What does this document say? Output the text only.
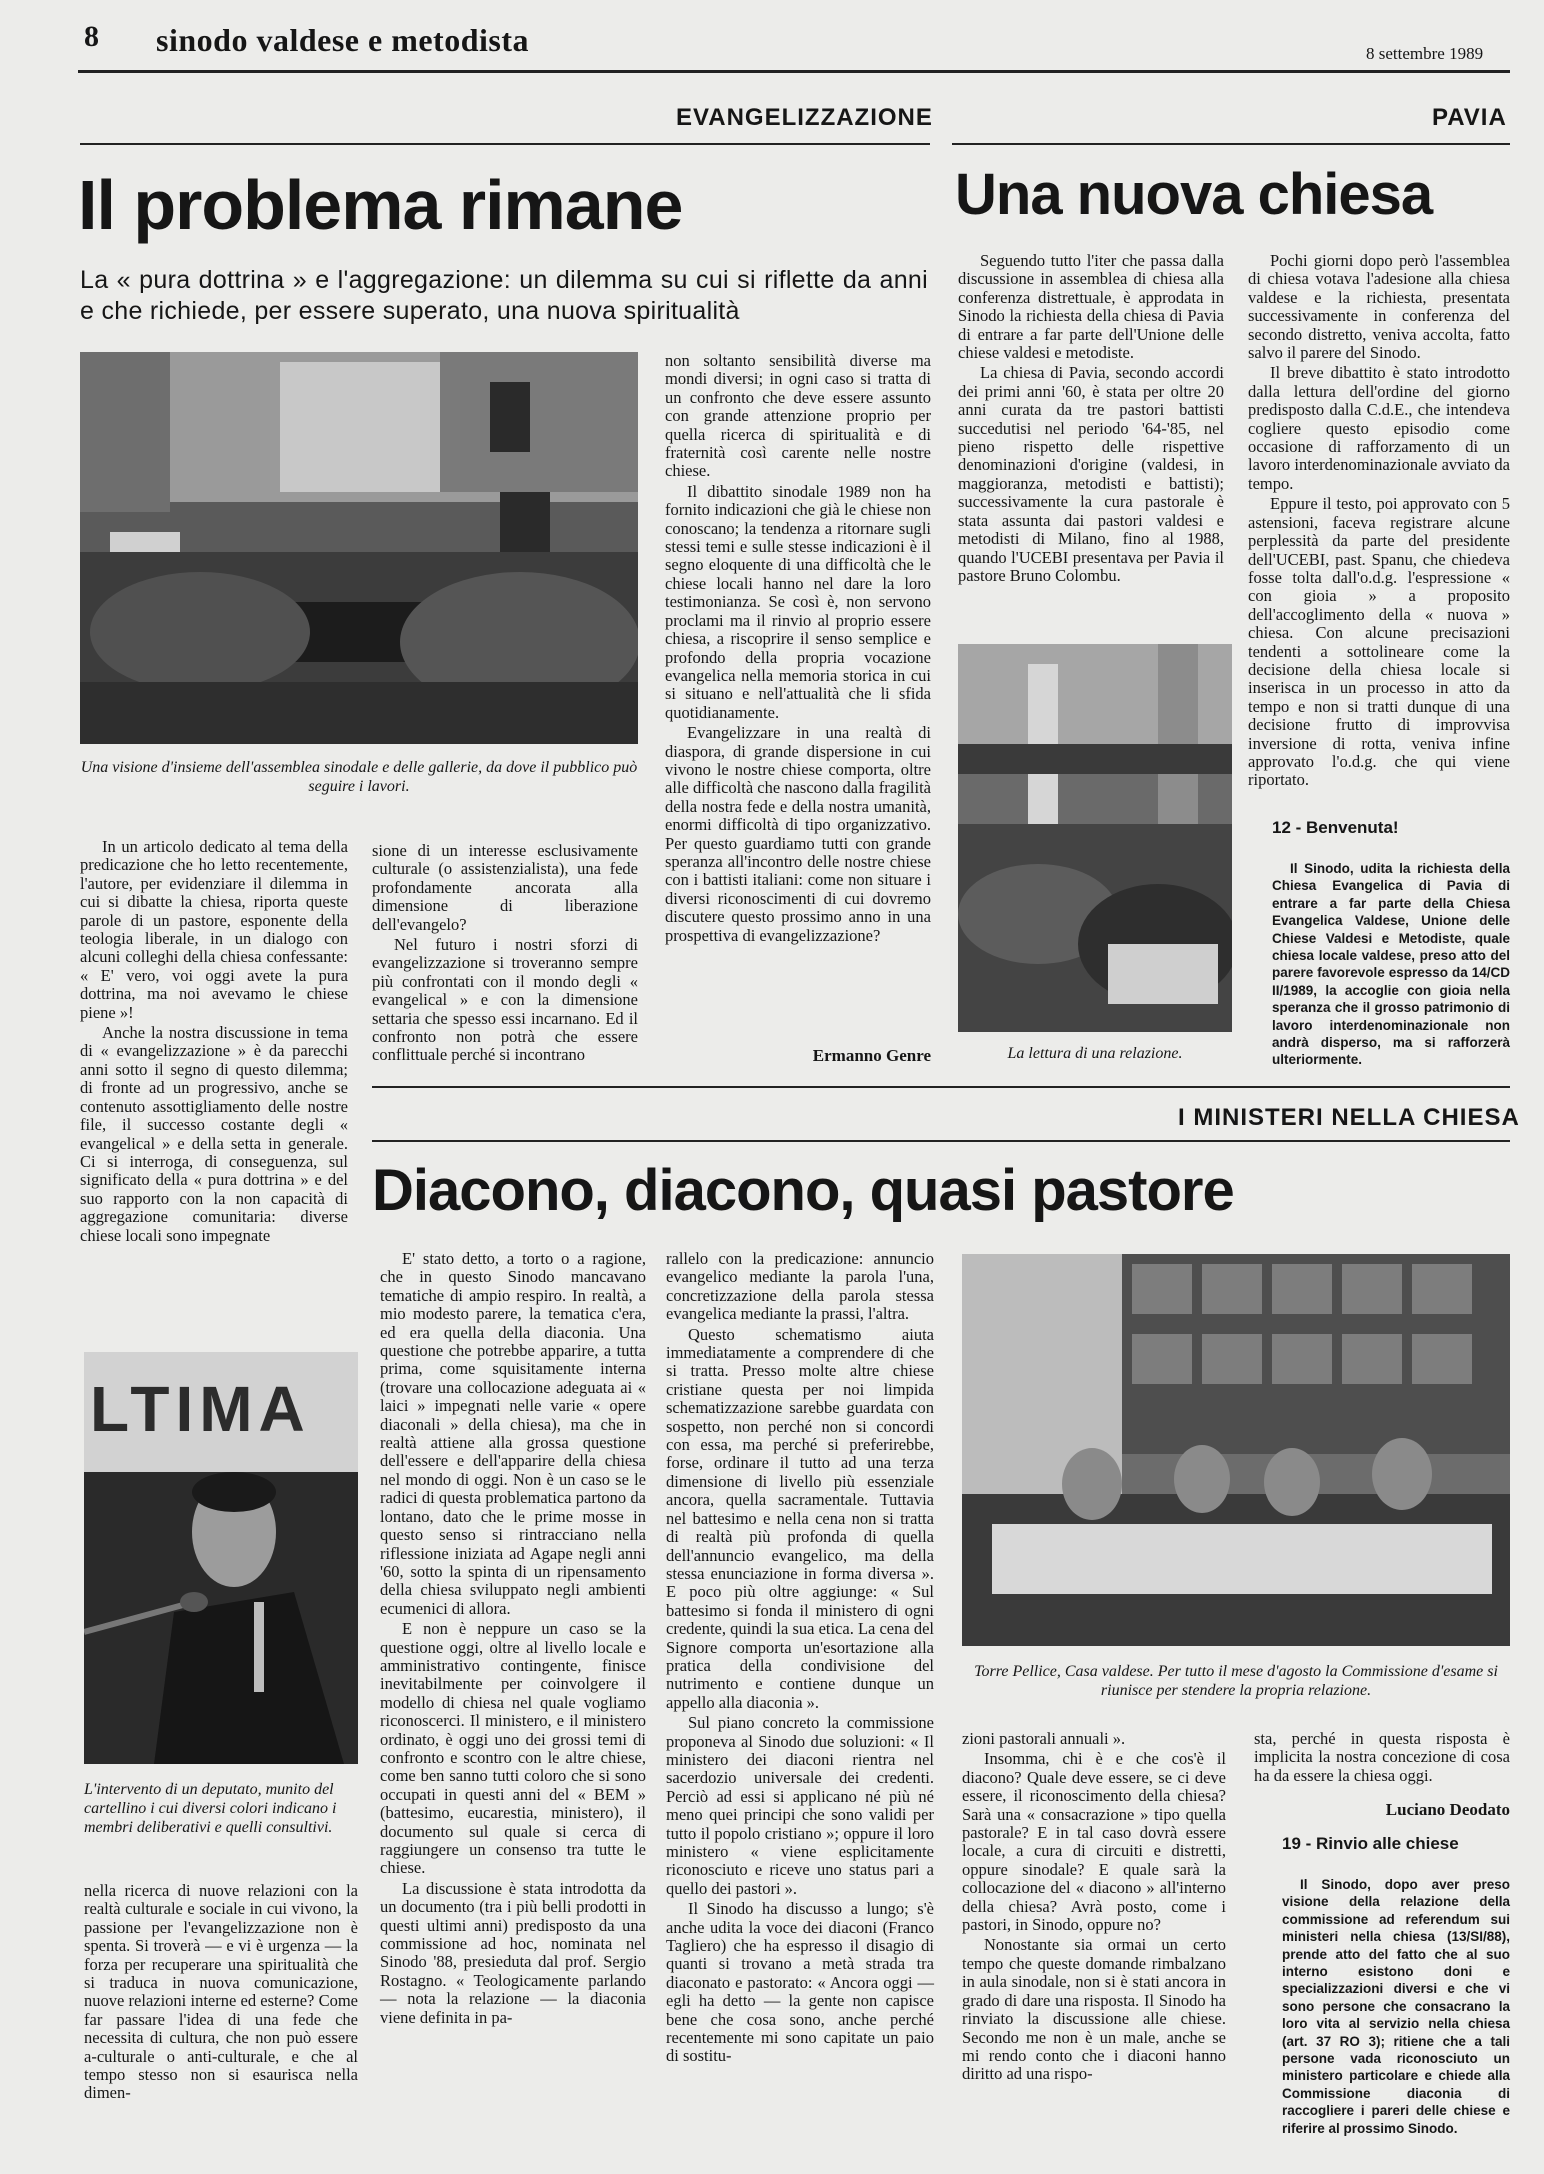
8 sinodo valdese e metodista	8 settembre 1989
EVANGELIZZAZIONE
Il problema rimane
La « pura dottrina » e l'aggregazione: un dilemma su cui si riflette da anni e che richiede, per essere superato, una nuova spiritualità
Una visione d'insieme dell'assemblea sinodale e delle gallerie, da dove il pubblico può seguire i lavori.

In un articolo dedicato al tema della predicazione che ho letto recentemente, l'autore, per evidenziare il dilemma in cui si dibatte la chiesa, riporta queste parole di un pastore, esponente della teologia liberale, in un dialogo con alcuni colleghi della chiesa confessante: « E' vero, voi oggi avete la pura dottrina, ma noi avevamo le chiese piene »!

Anche la nostra discussione in tema di « evangelizzazione » è da parecchi anni sotto il segno di questo dilemma; di fronte ad un progressivo, anche se contenuto assottigliamento delle nostre file, il successo costante degli « evangelical » e della setta in generale. Ci si interroga, di conseguenza, sul significato della « pura dottrina » e del suo rapporto con la non capacità di aggregazione comunitaria: diverse chiese locali sono impegnate

sione di un interesse esclusivamente culturale (o assistenzialista), una fede profondamente ancorata alla dimensione di liberazione dell'evangelo?

Nel futuro i nostri sforzi di evangelizzazione si troveranno sempre più confrontati con il mondo degli « evangelical » e con la dimensione settaria che spesso essi incarnano. Ed il confronto non potrà che essere conflittuale perché si incontrano

non soltanto sensibilità diverse ma mondi diversi; in ogni caso si tratta di un confronto che deve essere assunto con grande attenzione proprio per quella ricerca di spiritualità e di fraternità così carente nelle nostre chiese.

Il dibattito sinodale 1989 non ha fornito indicazioni che già le chiese non conoscano; la tendenza a ritornare sugli stessi temi e sulle stesse indicazioni è il segno eloquente di una difficoltà che le chiese locali hanno nel dare la loro testimonianza. Se così è, non servono proclami ma il rinvio al proprio essere chiesa, a riscoprire il senso semplice e profondo della propria vocazione evangelica nella memoria storica in cui si situano e nell'attualità che li sfida quotidianamente.

Evangelizzare in una realtà di diaspora, di grande dispersione in cui vivono le nostre chiese comporta, oltre alle difficoltà che nascono dalla fragilità della nostra fede e della nostra umanità, enormi difficoltà di tipo organizzativo. Per questo guardiamo tutti con grande speranza all'incontro delle nostre chiese con i battisti italiani: come non situare i diversi riconoscimenti di cui dovremo discutere questo prossimo anno in una prospettiva di evangelizzazione?

Ermanno Genre
PAVIA
Una nuova chiesa

Seguendo tutto l'iter che passa dalla discussione in assemblea di chiesa alla conferenza distrettuale, è approdata in Sinodo la richiesta della chiesa di Pavia di entrare a far parte dell'Unione delle chiese valdesi e metodiste.

La chiesa di Pavia, secondo accordi dei primi anni '60, è stata per oltre 20 anni curata da tre pastori battisti succedutisi nel periodo '64-'85, nel pieno rispetto delle rispettive denominazioni d'origine (valdesi, in maggioranza, metodisti e battisti); successivamente la cura pastorale è stata assunta dai pastori valdesi e metodisti di Milano, fino al 1988, quando l'UCEBI presentava per Pavia il pastore Bruno Colombu.

La lettura di una relazione.

Pochi giorni dopo però l'assemblea di chiesa votava l'adesione alla chiesa valdese e la richiesta, presentata successivamente in conferenza del secondo distretto, veniva accolta, fatto salvo il parere del Sinodo.

Il breve dibattito è stato introdotto dalla lettura dell'ordine del giorno predisposto dalla C.d.E., che intendeva cogliere questo episodio come occasione di rafforzamento di un lavoro interdenominazionale avviato da tempo.

Eppure il testo, poi approvato con 5 astensioni, faceva registrare alcune perplessità da parte del presidente dell'UCEBI, past. Spanu, che chiedeva fosse tolta dall'o.d.g. l'espressione « con gioia » a proposito dell'accoglimento della « nuova » chiesa. Con alcune precisazioni tendenti a sottolineare come la decisione della chiesa locale si inserisca in un processo in atto da tempo e non si tratti dunque di una decisione frutto di improvvisa inversione di rotta, veniva infine approvato l'o.d.g. che qui viene riportato.

12 - Benvenuta!

Il Sinodo, udita la richiesta della Chiesa Evangelica di Pavia di entrare a far parte della Chiesa Evangelica Valdese, Unione delle Chiese Valdesi e Metodiste, quale chiesa locale valdese, preso atto del parere favorevole espresso da 14/CD II/1989, la accoglie con gioia nella speranza che il grosso patrimonio di lavoro interdenominazionale non andrà disperso, ma si rafforzerà ulteriormente.

I MINISTERI NELLA CHIESA
Diacono, diacono, quasi pastore
LTIMA
L'intervento di un deputato, munito del cartellino i cui diversi colori indicano i membri deliberativi e quelli consultivi.

nella ricerca di nuove relazioni con la realtà culturale e sociale in cui vivono, la passione per l'evangelizzazione non è spenta. Si troverà — e vi è urgenza — la forza per recuperare una spiritualità che si traduca in nuova comunicazione, nuove relazioni interne ed esterne? Come far passare l'idea di una fede che necessita di cultura, che non può essere a-culturale o anti-culturale, e che al tempo stesso non si esaurisca nella dimen-

E' stato detto, a torto o a ragione, che in questo Sinodo mancavano tematiche di ampio respiro. In realtà, a mio modesto parere, la tematica c'era, ed era quella della diaconia. Una questione che potrebbe apparire, a tutta prima, come squisitamente interna (trovare una collocazione adeguata ai « laici » impegnati nelle varie « opere diaconali » della chiesa), ma che in realtà attiene alla grossa questione dell'essere e dell'apparire della chiesa nel mondo di oggi. Non è un caso se le radici di questa problematica partono da lontano, dato che le prime mosse in questo senso si rintracciano nella riflessione iniziata ad Agape negli anni '60, sotto la spinta di un ripensamento della chiesa sviluppato negli ambienti ecumenici di allora.

E non è neppure un caso se la questione oggi, oltre al livello locale e amministrativo contingente, finisce inevitabilmente per coinvolgere il modello di chiesa nel quale vogliamo riconoscerci. Il ministero, e il ministero ordinato, è oggi uno dei grossi temi di confronto e scontro con le altre chiese, come ben sanno tutti coloro che si sono occupati in questi anni del « BEM » (battesimo, eucarestia, ministero), il documento sul quale si cerca di raggiungere un consenso tra tutte le chiese.

La discussione è stata introdotta da un documento (tra i più belli prodotti in questi ultimi anni) predisposto da una commissione ad hoc, nominata nel Sinodo '88, presieduta dal prof. Sergio Rostagno. « Teologicamente parlando — nota la relazione — la diaconia viene definita in pa-

rallelo con la predicazione: annuncio evangelico mediante la parola l'una, concretizzazione della parola stessa evangelica mediante la prassi, l'altra.

Questo schematismo aiuta immediatamente a comprendere di che si tratta. Presso molte altre chiese cristiane questa per noi limpida schematizzazione sarebbe guardata con sospetto, non perché non si concordi con essa, ma perché si preferirebbe, forse, ordinare il tutto ad una terza dimensione di livello più essenziale ancora, quella sacramentale. Tuttavia nel battesimo e nella cena non si tratta di realtà più profonda di quella dell'annuncio evangelico, ma della stessa enunciazione in forma diversa ». E poco più oltre aggiunge: « Sul battesimo si fonda il ministero di ogni credente, quindi la sua etica. La cena del Signore comporta un'esortazione alla pratica della condivisione del nutrimento e contiene dunque un appello alla diaconia ».

Sul piano concreto la commissione proponeva al Sinodo due soluzioni: « Il ministero dei diaconi rientra nel sacerdozio universale dei credenti. Perciò ad essi si applicano né più né meno quei principi che sono validi per tutto il popolo cristiano »; oppure il loro ministero « viene esplicitamente riconosciuto e riceve uno status pari a quello dei pastori ».

Il Sinodo ha discusso a lungo; s'è anche udita la voce dei diaconi (Franco Tagliero) che ha espresso il disagio di quanti si trovano a metà strada tra diaconato e pastorato: « Ancora oggi — egli ha detto — la gente non capisce bene che cosa sono, anche perché recentemente mi sono capitate un paio di sostitu-

Torre Pellice, Casa valdese. Per tutto il mese d'agosto la Commissione d'esame si riunisce per stendere la propria relazione.

zioni pastorali annuali ».

Insomma, chi è e che cos'è il diacono? Quale deve essere, se ci deve essere, il riconoscimento della chiesa? Sarà una « consacrazione » tipo quella pastorale? E in tal caso dovrà essere locale, a cura di circuiti e distretti, oppure sinodale? E quale sarà la collocazione del « diacono » all'interno della chiesa? Avrà posto, come i pastori, in Sinodo, oppure no?

Nonostante sia ormai un certo tempo che queste domande rimbalzano in aula sinodale, non si è stati ancora in grado di dare una risposta. Il Sinodo ha rinviato la discussione alle chiese. Secondo me non è un male, anche se mi rendo conto che i diaconi hanno diritto ad una rispo-

sta, perché in questa risposta è implicita la nostra concezione di cosa ha da essere la chiesa oggi.

Luciano Deodato
19 - Rinvio alle chiese

Il Sinodo, dopo aver preso visione della relazione della commissione ad referendum sui ministeri nella chiesa (13/SI/88), prende atto del fatto che al suo interno esistono doni e specializzazioni diversi e che vi sono persone che consacrano la loro vita al servizio nella chiesa (art. 37 RO 3); ritiene che a tali persone vada riconosciuto un ministero particolare e chiede alla Commissione diaconia di raccogliere i pareri delle chiese e riferire al prossimo Sinodo.
